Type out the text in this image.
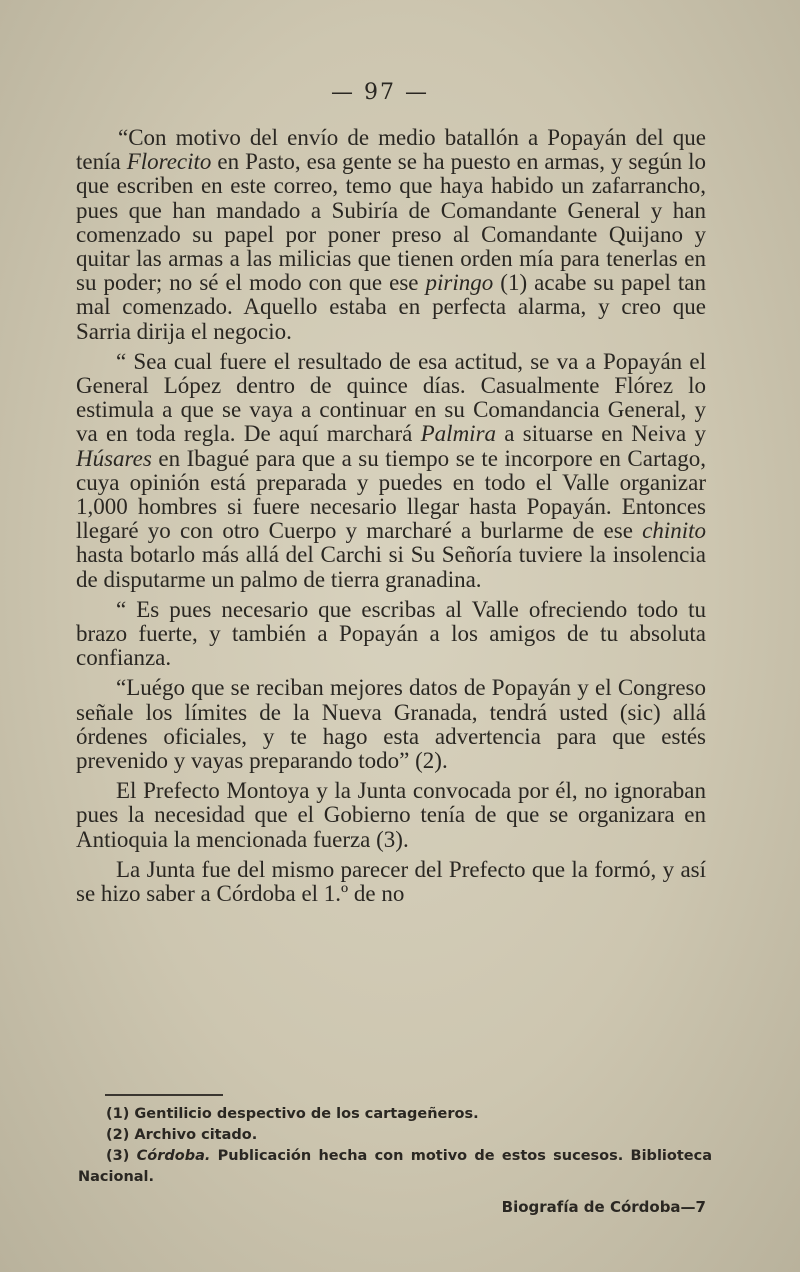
— 97 —

“Con motivo del envío de medio batallón a Popayán del que tenía Florecito en Pasto, esa gente se ha puesto en armas, y según lo que escriben en este correo, temo que haya habido un zafarrancho, pues que han mandado a Subiría de Comandante General y han comenzado su papel por poner preso al Comandante Quijano y quitar las armas a las milicias que tienen orden mía para tenerlas en su poder; no sé el modo con que ese piringo (1) acabe su papel tan mal comenzado. Aquello estaba en perfecta alarma, y creo que Sarria dirija el negocio.

“ Sea cual fuere el resultado de esa actitud, se va a Popayán el General López dentro de quince días. Casualmente Flórez lo estimula a que se vaya a continuar en su Comandancia General, y va en toda regla. De aquí marchará Palmira a situarse en Neiva y Húsares en Ibagué para que a su tiempo se te incorpore en Cartago, cuya opinión está preparada y puedes en todo el Valle organizar 1,000 hombres si fuere necesario llegar hasta Popayán. Entonces llegaré yo con otro Cuerpo y marcharé a burlarme de ese chinito hasta botarlo más allá del Carchi si Su Señoría tuviere la insolencia de disputarme un palmo de tierra granadina.

“ Es pues necesario que escribas al Valle ofreciendo todo tu brazo fuerte, y también a Popayán a los amigos de tu absoluta confianza.

“Luégo que se reciban mejores datos de Popayán y el Congreso señale los límites de la Nueva Granada, tendrá usted (sic) allá órdenes oficiales, y te hago esta advertencia para que estés prevenido y vayas preparando todo” (2).

El Prefecto Montoya y la Junta convocada por él, no ignoraban pues la necesidad que el Gobierno tenía de que se organizara en Antioquia la mencionada fuerza (3).

La Junta fue del mismo parecer del Prefecto que la formó, y así se hizo saber a Córdoba el 1.º de no

(1) Gentilicio despectivo de los cartageñeros.

(2) Archivo citado.

(3) Córdoba. Publicación hecha con motivo de estos sucesos. Biblioteca Nacional.

Biografía de Córdoba—7
